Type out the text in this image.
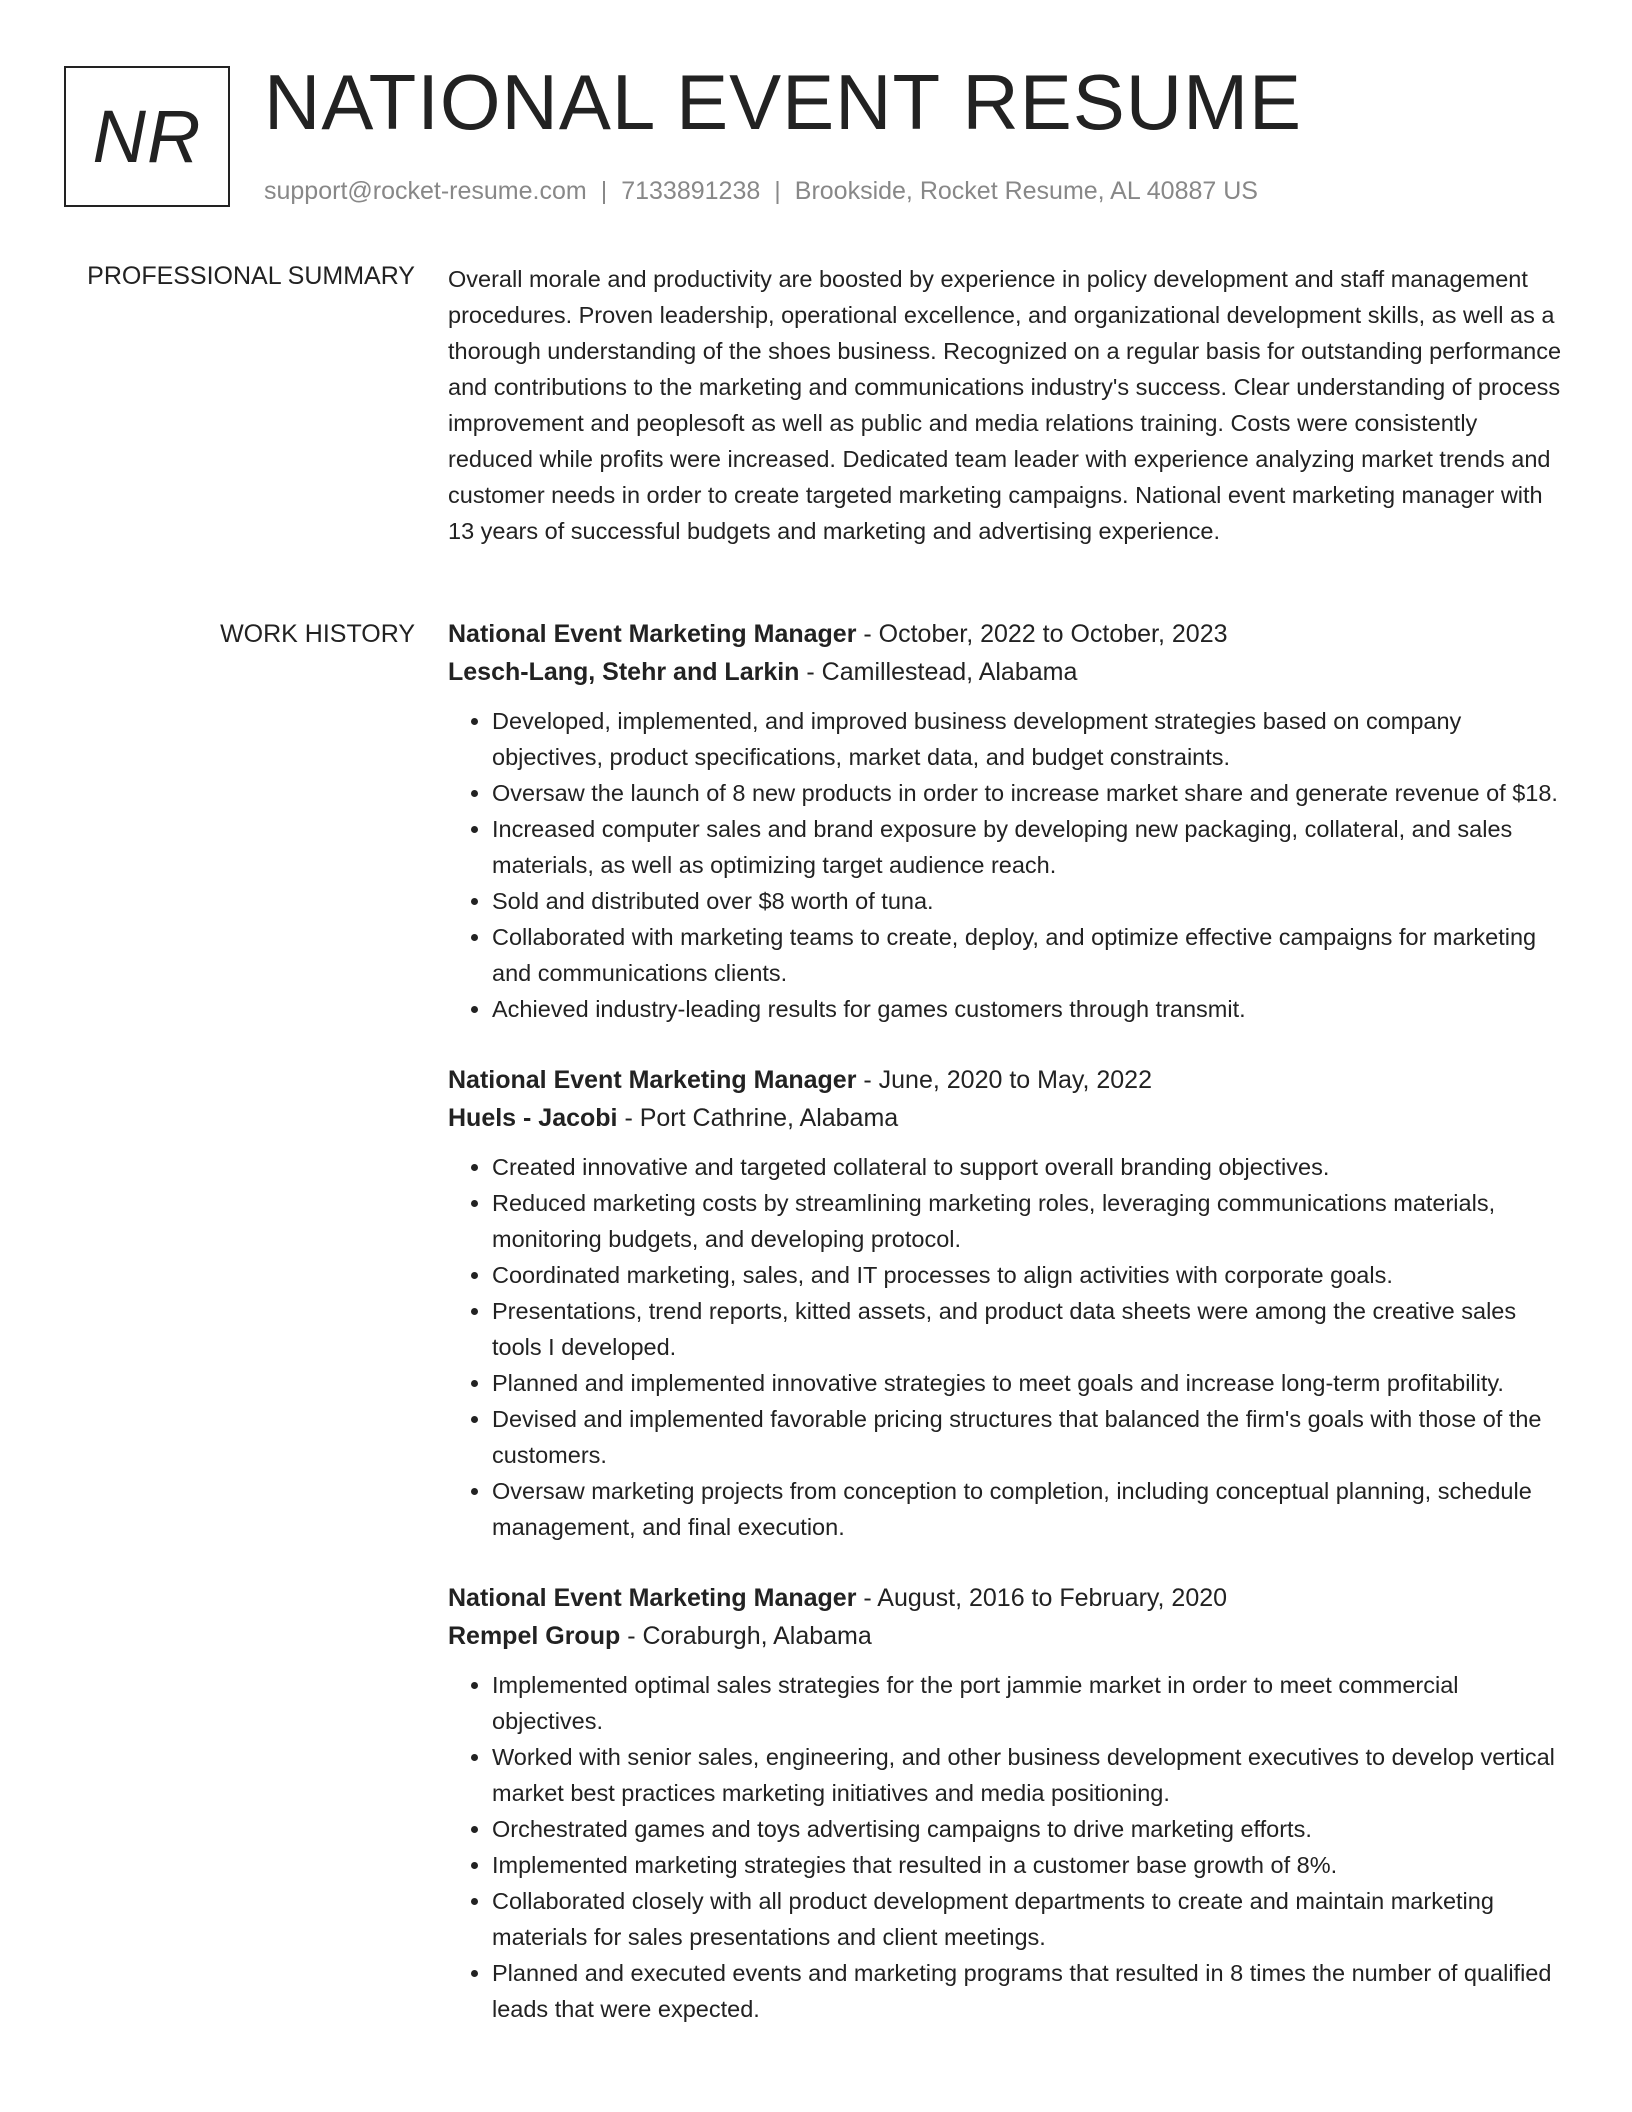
NR NATIONAL EVENT RESUME
support@rocket-resume.com | 7133891238 | Brookside, Rocket Resume, AL 40887 US
PROFESSIONAL SUMMARY Overall morale and productivity are boosted by experience in policy development and staff management procedures. Proven leadership, operational excellence, and organizational development skills, as well as a thorough understanding of the shoes business. Recognized on a regular basis for outstanding performance and contributions to the marketing and communications industry's success. Clear understanding of process improvement and peoplesoft as well as public and media relations training. Costs were consistently reduced while profits were increased. Dedicated team leader with experience analyzing market trends and customer needs in order to create targeted marketing campaigns. National event marketing manager with 13 years of successful budgets and marketing and advertising experience.

WORK HISTORY National Event Marketing Manager - October, 2022 to October, 2023
Lesch-Lang, Stehr and Larkin - Camillestead, Alabama
• Developed, implemented, and improved business development strategies based on company objectives, product specifications, market data, and budget constraints.
• Oversaw the launch of 8 new products in order to increase market share and generate revenue of $18.
• Increased computer sales and brand exposure by developing new packaging, collateral, and sales materials, as well as optimizing target audience reach.
• Sold and distributed over $8 worth of tuna.
• Collaborated with marketing teams to create, deploy, and optimize effective campaigns for marketing and communications clients.
• Achieved industry-leading results for games customers through transmit.
National Event Marketing Manager - June, 2020 to May, 2022
Huels - Jacobi - Port Cathrine, Alabama
• Created innovative and targeted collateral to support overall branding objectives.
• Reduced marketing costs by streamlining marketing roles, leveraging communications materials, monitoring budgets, and developing protocol.
• Coordinated marketing, sales, and IT processes to align activities with corporate goals.
• Presentations, trend reports, kitted assets, and product data sheets were among the creative sales tools I developed.
• Planned and implemented innovative strategies to meet goals and increase long-term profitability.
• Devised and implemented favorable pricing structures that balanced the firm's goals with those of the customers.
• Oversaw marketing projects from conception to completion, including conceptual planning, schedule management, and final execution.
National Event Marketing Manager - August, 2016 to February, 2020
Rempel Group - Coraburgh, Alabama
• Implemented optimal sales strategies for the port jammie market in order to meet commercial objectives.
• Worked with senior sales, engineering, and other business development executives to develop vertical market best practices marketing initiatives and media positioning.
• Orchestrated games and toys advertising campaigns to drive marketing efforts.
• Implemented marketing strategies that resulted in a customer base growth of 8%.
• Collaborated closely with all product development departments to create and maintain marketing materials for sales presentations and client meetings.
• Planned and executed events and marketing programs that resulted in 8 times the number of qualified leads that were expected.
